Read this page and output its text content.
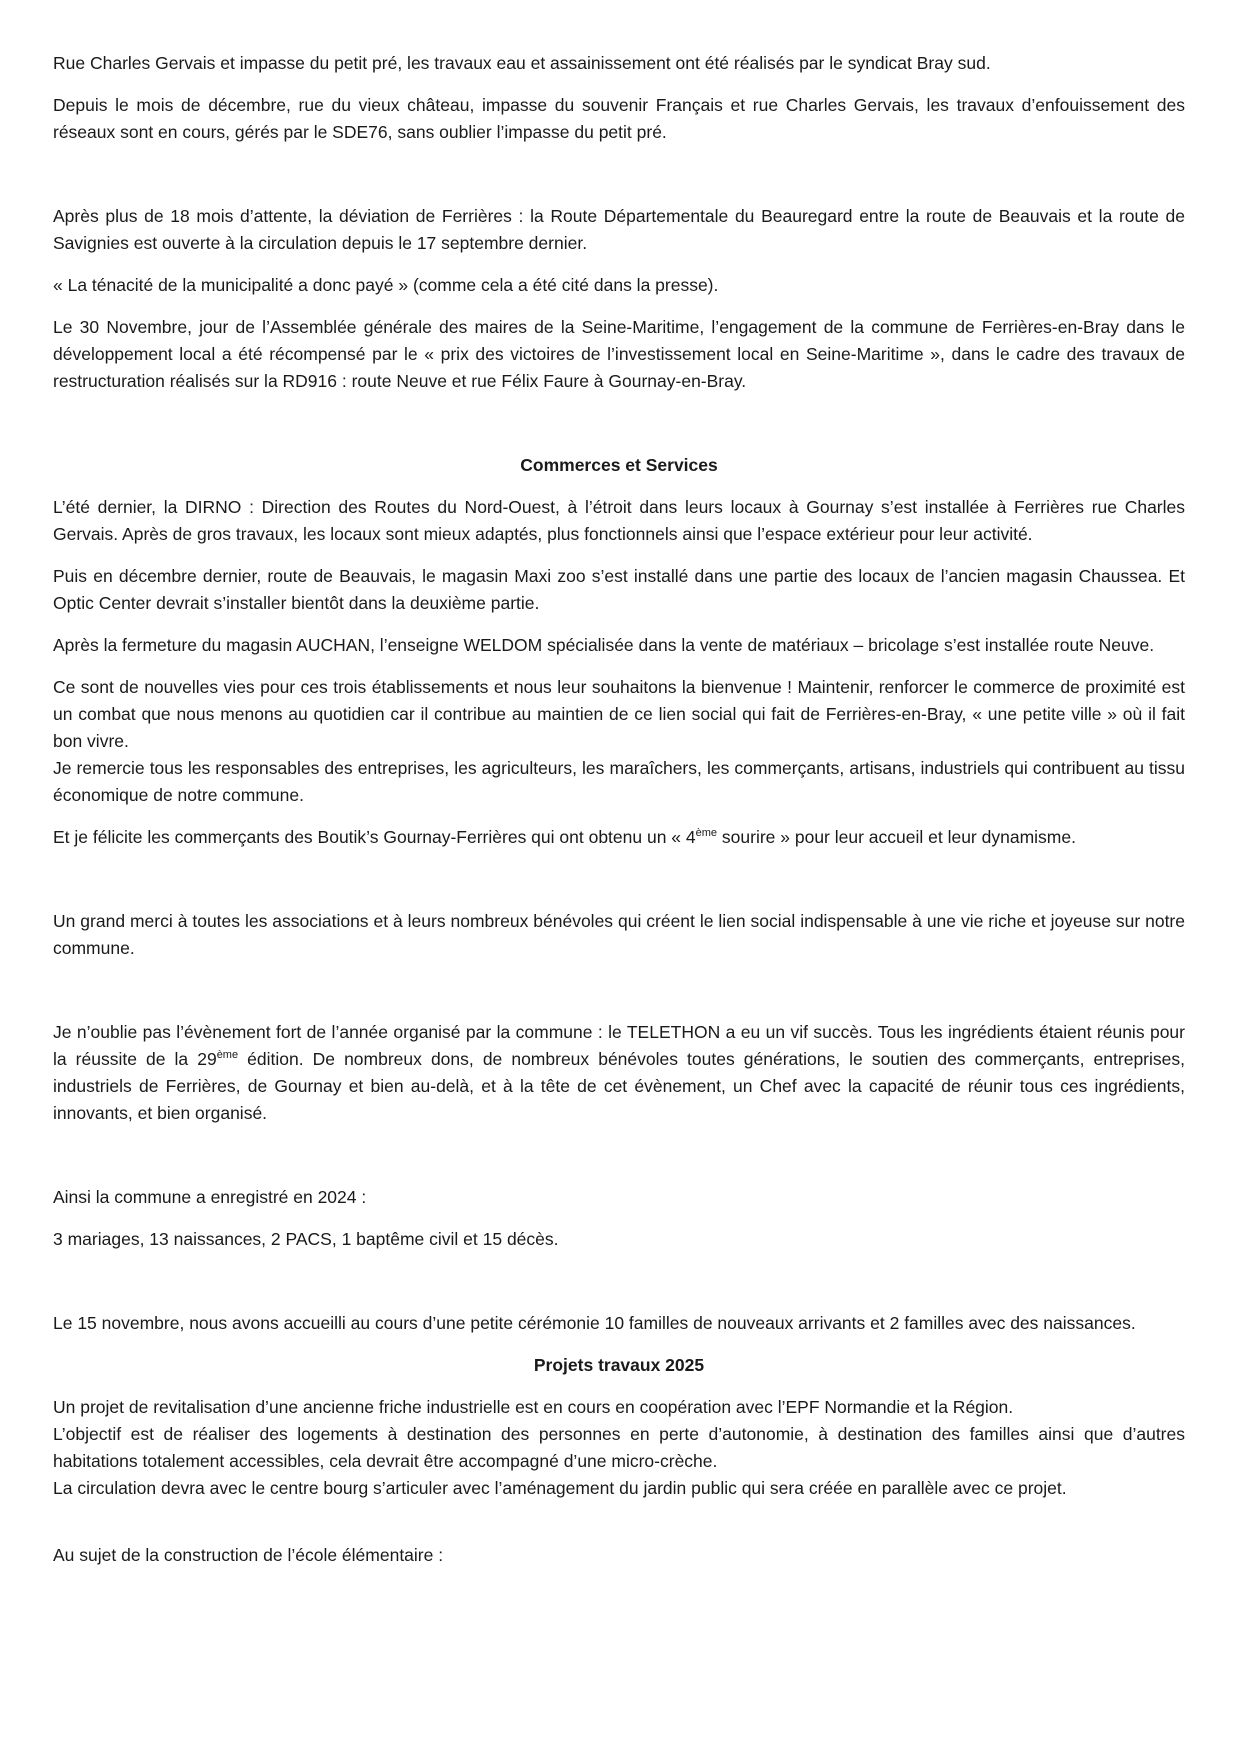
Rue Charles Gervais et impasse du petit pré, les travaux eau et assainissement ont été réalisés par le syndicat Bray sud.

Depuis le mois de décembre, rue du vieux château, impasse du souvenir Français et rue Charles Gervais, les travaux d’enfouissement des réseaux sont en cours, gérés par le SDE76, sans oublier l’impasse du petit pré.

Après plus de 18 mois d’attente, la déviation de Ferrières : la Route Départementale du Beauregard entre la route de Beauvais et la route de Savignies est ouverte à la circulation depuis le 17 septembre dernier.

« La ténacité de la municipalité a donc payé » (comme cela a été cité dans la presse).

Le 30 Novembre, jour de l’Assemblée générale des maires de la Seine-Maritime, l’engagement de la commune de Ferrières-en-Bray dans le développement local a été récompensé par le « prix des victoires de l’investissement local en Seine-Maritime », dans le cadre des travaux de restructuration réalisés sur la RD916 : route Neuve et rue Félix Faure à Gournay-en-Bray.

Commerces et Services

L’été dernier, la DIRNO : Direction des Routes du Nord-Ouest, à l’étroit dans leurs locaux à Gournay s’est installée à Ferrières rue Charles Gervais. Après de gros travaux, les locaux sont mieux adaptés, plus fonctionnels ainsi que l’espace extérieur pour leur activité.

Puis en décembre dernier, route de Beauvais, le magasin Maxi zoo s’est installé dans une partie des locaux de l’ancien magasin Chaussea. Et Optic Center devrait s’installer bientôt dans la deuxième partie.

Après la fermeture du magasin AUCHAN, l’enseigne WELDOM spécialisée dans la vente de matériaux – bricolage s’est installée route Neuve.

Ce sont de nouvelles vies pour ces trois établissements et nous leur souhaitons la bienvenue ! Maintenir, renforcer le commerce de proximité est un combat que nous menons au quotidien car il contribue au maintien de ce lien social qui fait de Ferrières-en-Bray, « une petite ville » où il fait bon vivre.

Je remercie tous les responsables des entreprises, les agriculteurs, les maraîchers, les commerçants, artisans, industriels qui contribuent au tissu économique de notre commune.

Et je félicite les commerçants des Boutik’s Gournay-Ferrières qui ont obtenu un « 4ème sourire » pour leur accueil et leur dynamisme.

Un grand merci à toutes les associations et à leurs nombreux bénévoles qui créent le lien social indispensable à une vie riche et joyeuse sur notre commune.

Je n’oublie pas l’évènement fort de l’année organisé par la commune : le TELETHON a eu un vif succès. Tous les ingrédients étaient réunis pour la réussite de la 29ème édition. De nombreux dons, de nombreux bénévoles toutes générations, le soutien des commerçants, entreprises, industriels de Ferrières, de Gournay et bien au-delà, et à la tête de cet évènement, un Chef avec la capacité de réunir tous ces ingrédients, innovants, et bien organisé.

Ainsi la commune a enregistré en 2024 :

3 mariages, 13 naissances, 2 PACS, 1 baptême civil et 15 décès.

Le 15 novembre, nous avons accueilli au cours d’une petite cérémonie 10 familles de nouveaux arrivants et 2 familles avec des naissances.

Projets travaux 2025

Un projet de revitalisation d’une ancienne friche industrielle est en cours en coopération avec l’EPF Normandie et la Région.

L’objectif est de réaliser des logements à destination des personnes en perte d’autonomie, à destination des familles ainsi que d’autres habitations totalement accessibles, cela devrait être accompagné d’une micro-crèche.

La circulation devra avec le centre bourg s’articuler avec l’aménagement du jardin public qui sera créée en parallèle avec ce projet.

Au sujet de la construction de l’école élémentaire :
